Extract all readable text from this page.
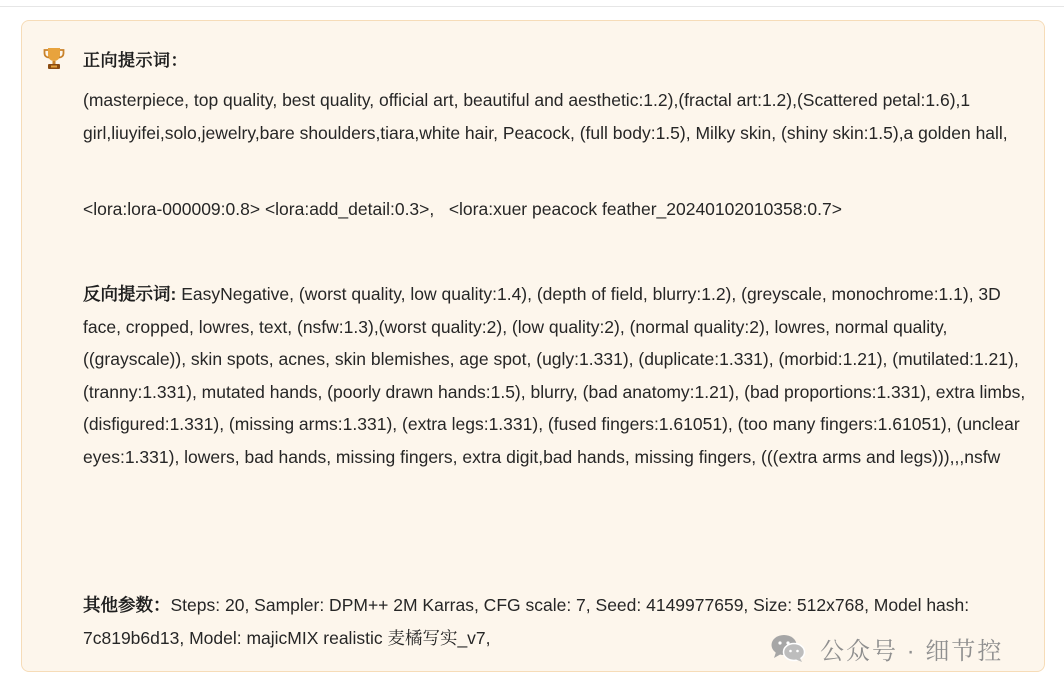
正向提示词：
(masterpiece, top quality, best quality, official art, beautiful and aesthetic:1.2),(fractal art:1.2),(Scattered petal:1.6),1 girl,liuyifei,solo,jewelry,bare shoulders,tiara,white hair, Peacock, (full body:1.5), Milky skin, (shiny skin:1.5),a golden hall,
<lora:lora-000009:0.8> <lora:add_detail:0.3>,   <lora:xuer peacock feather_20240102010358:0.7>
反向提示词: EasyNegative, (worst quality, low quality:1.4), (depth of field, blurry:1.2), (greyscale, monochrome:1.1), 3D face, cropped, lowres, text, (nsfw:1.3),(worst quality:2), (low quality:2), (normal quality:2), lowres, normal quality, ((grayscale)), skin spots, acnes, skin blemishes, age spot, (ugly:1.331), (duplicate:1.331), (morbid:1.21), (mutilated:1.21), (tranny:1.331), mutated hands, (poorly drawn hands:1.5), blurry, (bad anatomy:1.21), (bad proportions:1.331), extra limbs, (disfigured:1.331), (missing arms:1.331), (extra legs:1.331), (fused fingers:1.61051), (too many fingers:1.61051), (unclear eyes:1.331), lowers, bad hands, missing fingers, extra digit,bad hands, missing fingers, (((extra arms and legs))),,,nsfw
其他参数：Steps: 20, Sampler: DPM++ 2M Karras, CFG scale: 7, Seed: 4149977659, Size: 512x768, Model hash: 7c819b6d13, Model: majicMIX realistic 麦橘写实_v7,	公众号 · 细节控
